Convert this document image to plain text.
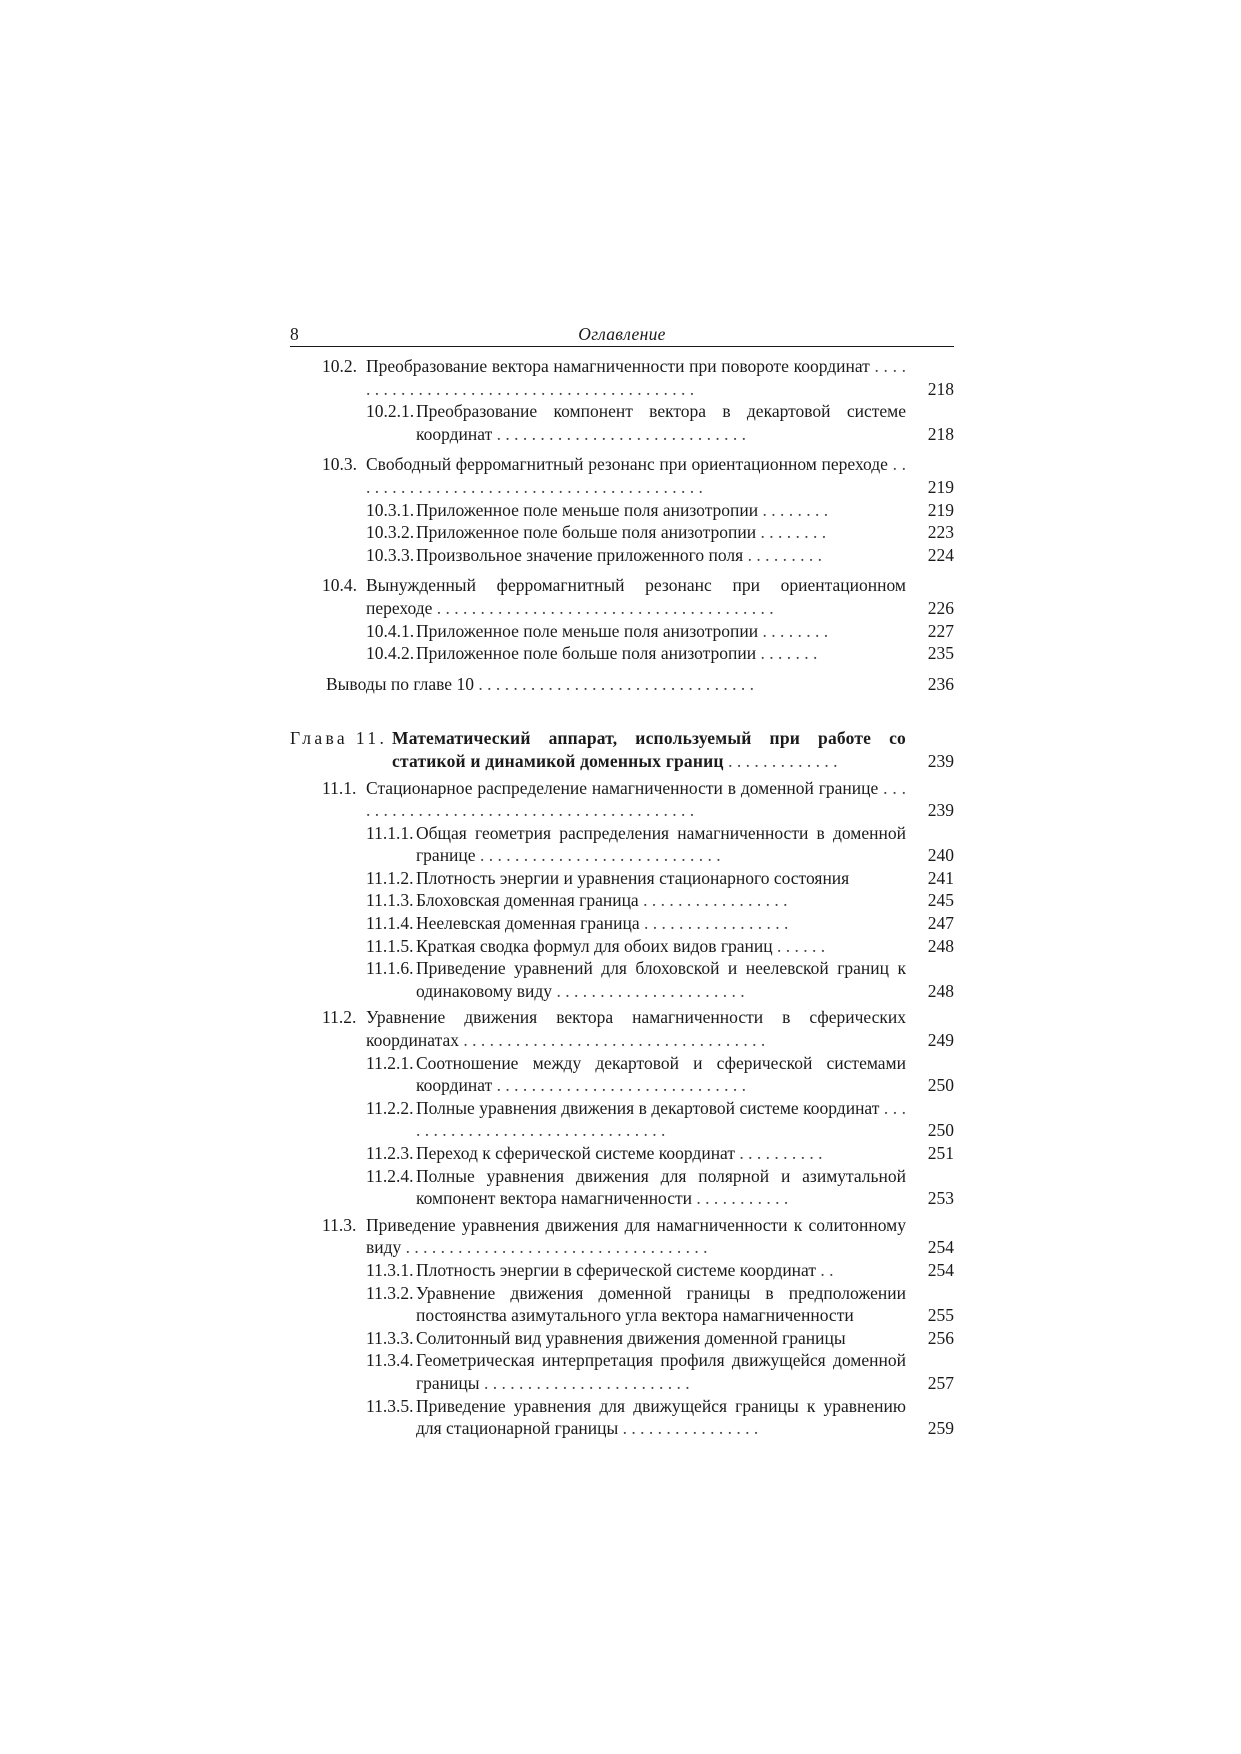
8	Оглавление
10.2. Преобразование вектора намагниченности при повороте координат . . . . . . . . . . . . . . . . . . . . . . . . . . . . . . . . . . . . . . . . . .	218
10.2.1. Преобразование компонент вектора в декартовой системе координат . . . . . . . . . . . . . . . . . . . . . . . . . . . . .	218
10.3. Свободный ферромагнитный резонанс при ориентационном переходе . . . . . . . . . . . . . . . . . . . . . . . . . . . . . . . . . . . . . . . . .	219
10.3.1. Приложенное поле меньше поля анизотропии . . . . . . . .	219
10.3.2. Приложенное поле больше поля анизотропии . . . . . . . .	223
10.3.3. Произвольное значение приложенного поля . . . . . . . . .	224
10.4. Вынужденный ферромагнитный резонанс при ориентационном переходе . . . . . . . . . . . . . . . . . . . . . . . . . . . . . . . . . . . . . . .	226
10.4.1. Приложенное поле меньше поля анизотропии . . . . . . . .	227
10.4.2. Приложенное поле больше поля анизотропии . . . . . . .	235
Выводы по главе 10 . . . . . . . . . . . . . . . . . . . . . . . . . . . . . . . .	236
Глава 11. Математический аппарат, используемый при работе со статикой и динамикой доменных границ . . . . . . . . . . . . .	239
11.1. Стационарное распределение намагниченности в доменной границе . . . . . . . . . . . . . . . . . . . . . . . . . . . . . . . . . . . . . . . . .	239
11.1.1. Общая геометрия распределения намагниченности в доменной границе . . . . . . . . . . . . . . . . . . . . . . . . . . . .	240
11.1.2. Плотность энергии и уравнения стационарного состояния	241
11.1.3. Блоховская доменная граница . . . . . . . . . . . . . . . . .	245
11.1.4. Неелевская доменная граница . . . . . . . . . . . . . . . . .	247
11.1.5. Краткая сводка формул для обоих видов границ . . . . . .	248
11.1.6. Приведение уравнений для блоховской и неелевской границ к одинаковому виду . . . . . . . . . . . . . . . . . . . . . .	248
11.2. Уравнение движения вектора намагниченности в сферических координатах . . . . . . . . . . . . . . . . . . . . . . . . . . . . . . . . . . .	249
11.2.1. Соотношение между декартовой и сферической системами координат . . . . . . . . . . . . . . . . . . . . . . . . . . . . .	250
11.2.2. Полные уравнения движения в декартовой системе координат . . . . . . . . . . . . . . . . . . . . . . . . . . . . . . . .	250
11.2.3. Переход к сферической системе координат . . . . . . . . . .	251
11.2.4. Полные уравнения движения для полярной и азимутальной компонент вектора намагниченности . . . . . . . . . . .	253
11.3. Приведение уравнения движения для намагниченности к солитонному виду . . . . . . . . . . . . . . . . . . . . . . . . . . . . . . . . . . .	254
11.3.1. Плотность энергии в сферической системе координат . .	254
11.3.2. Уравнение движения доменной границы в предположении постоянства азимутального угла вектора намагниченности	255
11.3.3. Солитонный вид уравнения движения доменной границы	256
11.3.4. Геометрическая интерпретация профиля движущейся доменной границы . . . . . . . . . . . . . . . . . . . . . . . .	257
11.3.5. Приведение уравнения для движущейся границы к уравнению для стационарной границы . . . . . . . . . . . . . . . .	259
